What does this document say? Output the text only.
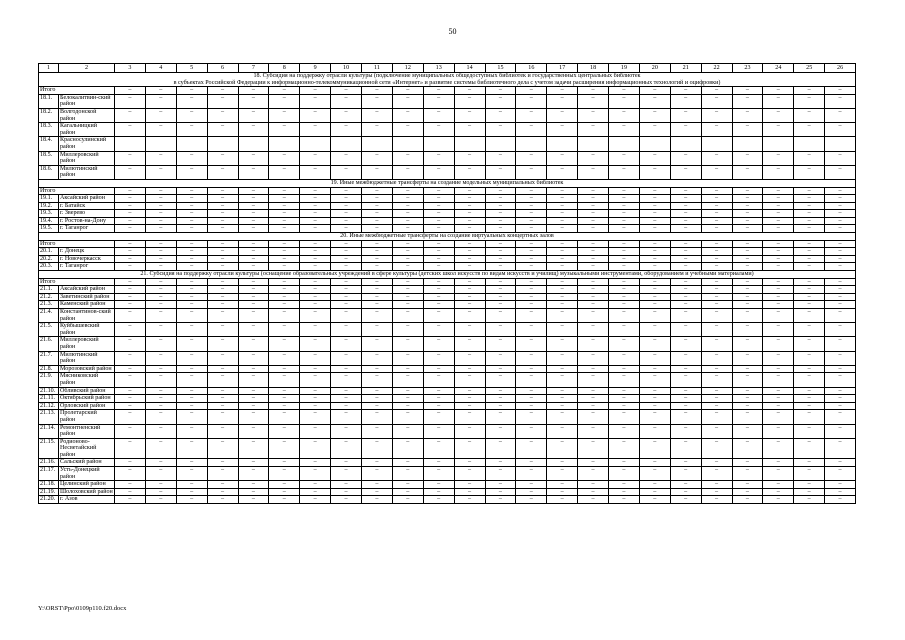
50
1	2	3	4	5	6	7	8	9	10	11	12	13	14	15	16	17	18	19	20	21	22	23	24	25	26
18. Субсидия на поддержку отрасли культуры (подключение муниципальных общедоступных библиотек и государственных центральных библиотек
в субъектах Российской Федерации к информационно-телекоммуникационной сети «Интернет» и развитие системы библиотечного дела с учетом задачи расширения информационных технологий и оцифровки)																									
Итого		–	–	–	–	–	–	–	–	–	–	–	–	–	–	–	–	–	–	–	–	–	–	–	–
18.1.	Белокалитвин-ский район	–	–	–	–	–	–	–	–	–	–	–	–	–	–	–	–	–	–	–	–	–	–	–	–
18.2.	Волгодонской район	–	–	–	–	–	–	–	–	–	–	–	–	–	–	–	–	–	–	–	–	–	–	–	–
18.3.	Кагальницкий район	–	–	–	–	–	–	–	–	–	–	–	–	–	–	–	–	–	–	–	–	–	–	–	–
18.4.	Красносулинский район																								
18.5.	Миллеровский район	–	–	–	–	–	–	–	–	–	–	–	–	–	–	–	–	–	–	–	–	–	–	–	–
18.6.	Милютинский район	–	–	–	–	–	–	–	–	–	–	–	–	–	–	–	–	–	–	–	–	–	–	–	–
19. Иные межбюджетные трансферты на создание модельных муниципальных библиотек																									
Итого		–	–	–	–	–	–	–	–	–	–	–	–	–	–	–	–	–	–	–	–	–	–	–	–
19.1.	Аксайский район	–	–	–	–	–	–	–	–	–	–	–	–	–	–	–	–	–	–	–	–	–	–	–	–
19.2.	г. Батайск	–	–	–	–	–	–	–	–	–	–	–	–	–	–	–	–	–	–	–	–	–	–	–	–
19.3.	г. Зверево	–	–	–	–	–	–	–	–	–	–	–	–	–	–	–	–	–	–	–	–	–	–	–	–
19.4.	г. Ростов-на-Дону	–	–	–	–	–	–	–	–	–	–	–	–	–	–	–	–	–	–	–	–	–	–	–	–
19.5.	г. Таганрог	–	–	–	–	–	–	–	–	–	–	–	–	–	–	–	–	–	–	–	–	–	–	–	–
20. Иные межбюджетные трансферты на создание виртуальных концертных залов																									
Итого		–	–	–	–	–	–	–	–	–	–	–	–	–	–	–	–	–	–	–	–	–	–	–	–
20.1.	г. Донецк	–	–	–	–	–	–	–	–	–	–	–	–	–	–	–	–	–	–	–	–	–	–	–	–
20.2.	г. Новочеркасск	–	–	–	–	–	–	–	–	–	–	–	–	–	–	–	–	–	–	–	–	–	–	–	–
20.3.	г. Таганрог	–	–	–	–	–	–	–	–	–	–	–	–	–	–	–	–	–	–	–	–	–	–	–	–
21. Субсидия на поддержку отрасли культуры (оснащение образовательных учреждений в сфере культуры (детских школ искусств по видам искусств и училищ) музыкальными инструментами, оборудованием и учебными материалами)																									
Итого		–	–	–	–	–	–	–	–	–	–	–	–	–	–	–	–	–	–	–	–	–	–	–	–
21.1.	Аксайский район	–	–	–	–	–	–	–	–	–	–	–	–	–	–	–	–	–	–	–	–	–	–	–	–
21.2.	Заветинский район	–	–	–	–	–	–	–	–	–	–	–	–	–	–	–	–	–	–	–	–	–	–	–	–
21.3.	Каменский район	–	–	–	–	–	–	–	–	–	–	–	–	–	–	–	–	–	–	–	–	–	–	–	–
21.4.	Константинов-ский район	–	–	–	–	–	–	–	–	–	–	–	–	–	–	–	–	–	–	–	–	–	–	–	–
21.5.	Куйбышевский район	–	–	–	–	–	–	–	–	–	–	–	–	–	–	–	–	–	–	–	–	–	–	–	–
21.6.	Миллеровский район	–	–	–	–	–	–	–	–	–	–	–	–	–	–	–	–	–	–	–	–	–	–	–	–
21.7.	Милютинский район	–	–	–	–	–	–	–	–	–	–	–	–	–	–	–	–	–	–	–	–	–	–	–	–
21.8.	Морозовский район	–	–	–	–	–	–	–	–	–	–	–	–	–	–	–	–	–	–	–	–	–	–	–	–
21.9.	Мясниковский район	–	–	–	–	–	–	–	–	–	–	–	–	–	–	–	–	–	–	–	–	–	–	–	–
21.10.	Обливский район	–	–	–	–	–	–	–	–	–	–	–	–	–	–	–	–	–	–	–	–	–	–	–	–
21.11.	Октябрьский район	–	–	–	–	–	–	–	–	–	–	–	–	–	–	–	–	–	–	–	–	–	–	–	–
21.12.	Орловский район	–	–	–	–	–	–	–	–	–	–	–	–	–	–	–	–	–	–	–	–	–	–	–	–
21.13.	Пролетарский район	–	–	–	–	–	–	–	–	–	–	–	–	–	–	–	–	–	–	–	–	–	–	–	–
21.14.	Ремонтненский район	–	–	–	–	–	–	–	–	–	–	–	–	–	–	–	–	–	–	–	–	–	–	–	–
21.15.	Родионово-Несветайский район	–	–	–	–	–	–	–	–	–	–	–	–	–	–	–	–	–	–	–	–	–	–	–	–
21.16.	Сальский район	–	–	–	–	–	–	–	–	–	–	–	–	–	–	–	–	–	–	–	–	–	–	–	–
21.17.	Усть-Донецкий район	–	–	–	–	–	–	–	–	–	–	–	–	–	–	–	–	–	–	–	–	–	–	–	–
21.18.	Целинский район	–	–	–	–	–	–	–	–	–	–	–	–	–	–	–	–	–	–	–	–	–	–	–	–
21.19.	Шолоховский район	–	–	–	–	–	–	–	–	–	–	–	–	–	–	–	–	–	–	–	–	–	–	–	–
21.20.	г. Азов	–	–	–	–	–	–	–	–	–	–	–	–	–	–	–	–	–	–	–	–	–	–	–	–
Y:\ORST\Ppo\0109p110.f20.docx
